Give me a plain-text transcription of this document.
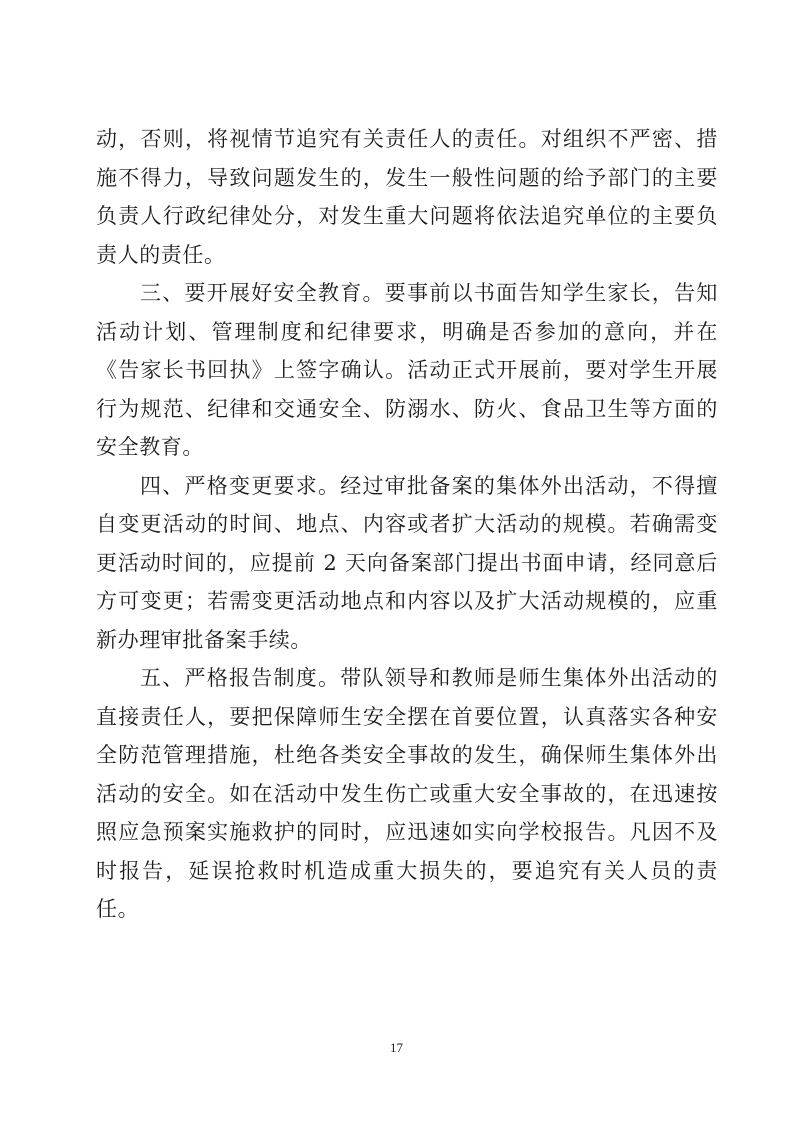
动，否则，将视情节追究有关责任人的责任。对组织不严密、措施不得力，导致问题发生的，发生一般性问题的给予部门的主要负责人行政纪律处分，对发生重大问题将依法追究单位的主要负责人的责任。

三、要开展好安全教育。要事前以书面告知学生家长，告知活动计划、管理制度和纪律要求，明确是否参加的意向，并在《告家长书回执》上签字确认。活动正式开展前，要对学生开展行为规范、纪律和交通安全、防溺水、防火、食品卫生等方面的安全教育。

四、严格变更要求。经过审批备案的集体外出活动，不得擅自变更活动的时间、地点、内容或者扩大活动的规模。若确需变更活动时间的，应提前 2 天向备案部门提出书面申请，经同意后方可变更；若需变更活动地点和内容以及扩大活动规模的，应重新办理审批备案手续。

五、严格报告制度。带队领导和教师是师生集体外出活动的直接责任人，要把保障师生安全摆在首要位置，认真落实各种安全防范管理措施，杜绝各类安全事故的发生，确保师生集体外出活动的安全。如在活动中发生伤亡或重大安全事故的，在迅速按照应急预案实施救护的同时，应迅速如实向学校报告。凡因不及时报告，延误抢救时机造成重大损失的，要追究有关人员的责任。

17
